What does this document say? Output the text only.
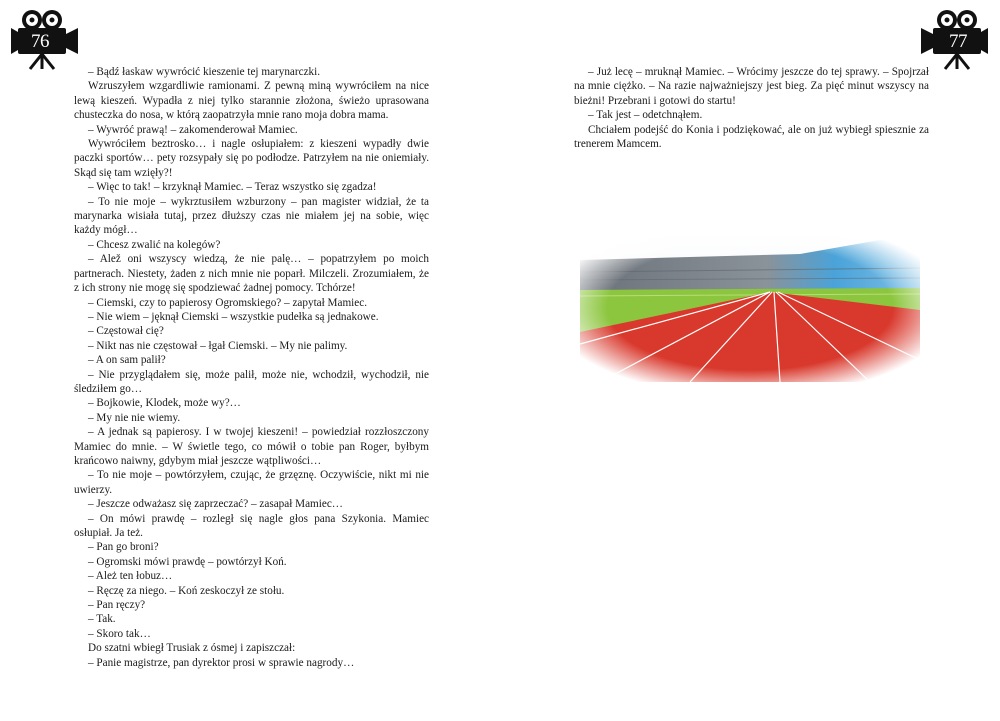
76

– Bądź łaskaw wywrócić kieszenie tej marynarczki.

Wzruszyłem wzgardliwie ramionami. Z pewną miną wywróciłem na nice lewą kieszeń. Wypadła z niej tylko starannie złożona, świeżo uprasowana chusteczka do nosa, w którą zaopatrzyła mnie rano moja dobra mama.

– Wywróć prawą! – zakomenderował Mamiec.

Wywróciłem beztrosko… i nagle osłupiałem: z kieszeni wypadły dwie paczki sportów… pety rozsypały się po podłodze. Patrzyłem na nie oniemiały. Skąd się tam wzięły?!

– Więc to tak! – krzyknął Mamiec. – Teraz wszystko się zgadza!

– To nie moje – wykrztusiłem wzburzony – pan magister widział, że ta marynarka wisiała tutaj, przez dłuższy czas nie miałem jej na sobie, więc każdy mógł…

– Chcesz zwalić na kolegów?

– Alež oni wszyscy wiedzą, że nie palę… – popatrzyłem po moich partnerach. Niestety, żaden z nich mnie nie poparł. Milczeli. Zrozumiałem, że z ich strony nie mogę się spodziewać żadnej pomocy. Tchórze!

– Ciemski, czy to papierosy Ogromskiego? – zapytał Mamiec.

– Nie wiem – jęknął Ciemski – wszystkie pudełka są jednakowe.

– Częstował cię?

– Nikt nas nie częstował – łgał Ciemski. – My nie palimy.

– A on sam palił?

– Nie przyglądałem się, może palił, może nie, wchodził, wychodził, nie śledziłem go…

– Bojkowie, Klodek, może wy?…

– My nie nie wiemy.

– A jednak są papierosy. I w twojej kieszeni! – powiedział rozzłoszczony Mamiec do mnie. – W świetle tego, co mówił o tobie pan Roger, byłbym krańcowo naiwny, gdybym miał jeszcze wątpliwości…

– To nie moje – powtórzyłem, czując, że grzęznę. Oczywiście, nikt mi nie uwierzy.

– Jeszcze odważasz się zaprzeczać? – zasapał Mamiec…

– On mówi prawdę – rozległ się nagle głos pana Szykonia. Mamiec osłupiał. Ja też.

– Pan go broni?

– Ogromski mówi prawdę – powtórzył Koń.

– Ależ ten łobuz…

– Ręczę za niego. – Koń zeskoczył ze stołu.

– Pan ręczy?

– Tak.

– Skoro tak…

Do szatni wbiegł Trusiak z ósmej i zapiszczał:

– Panie magistrze, pan dyrektor prosi w sprawie nagrody…

77

– Już lecę – mruknął Mamiec. – Wrócimy jeszcze do tej sprawy. – Spojrzał na mnie ciężko. – Na razie najważniejszy jest bieg. Za pięć minut wszyscy na bieżni! Przebrani i gotowi do startu!

– Tak jest – odetchnąłem.

Chciałem podejść do Konia i podziękować, ale on już wybiegł spiesznie za trenerem Mamcem.
